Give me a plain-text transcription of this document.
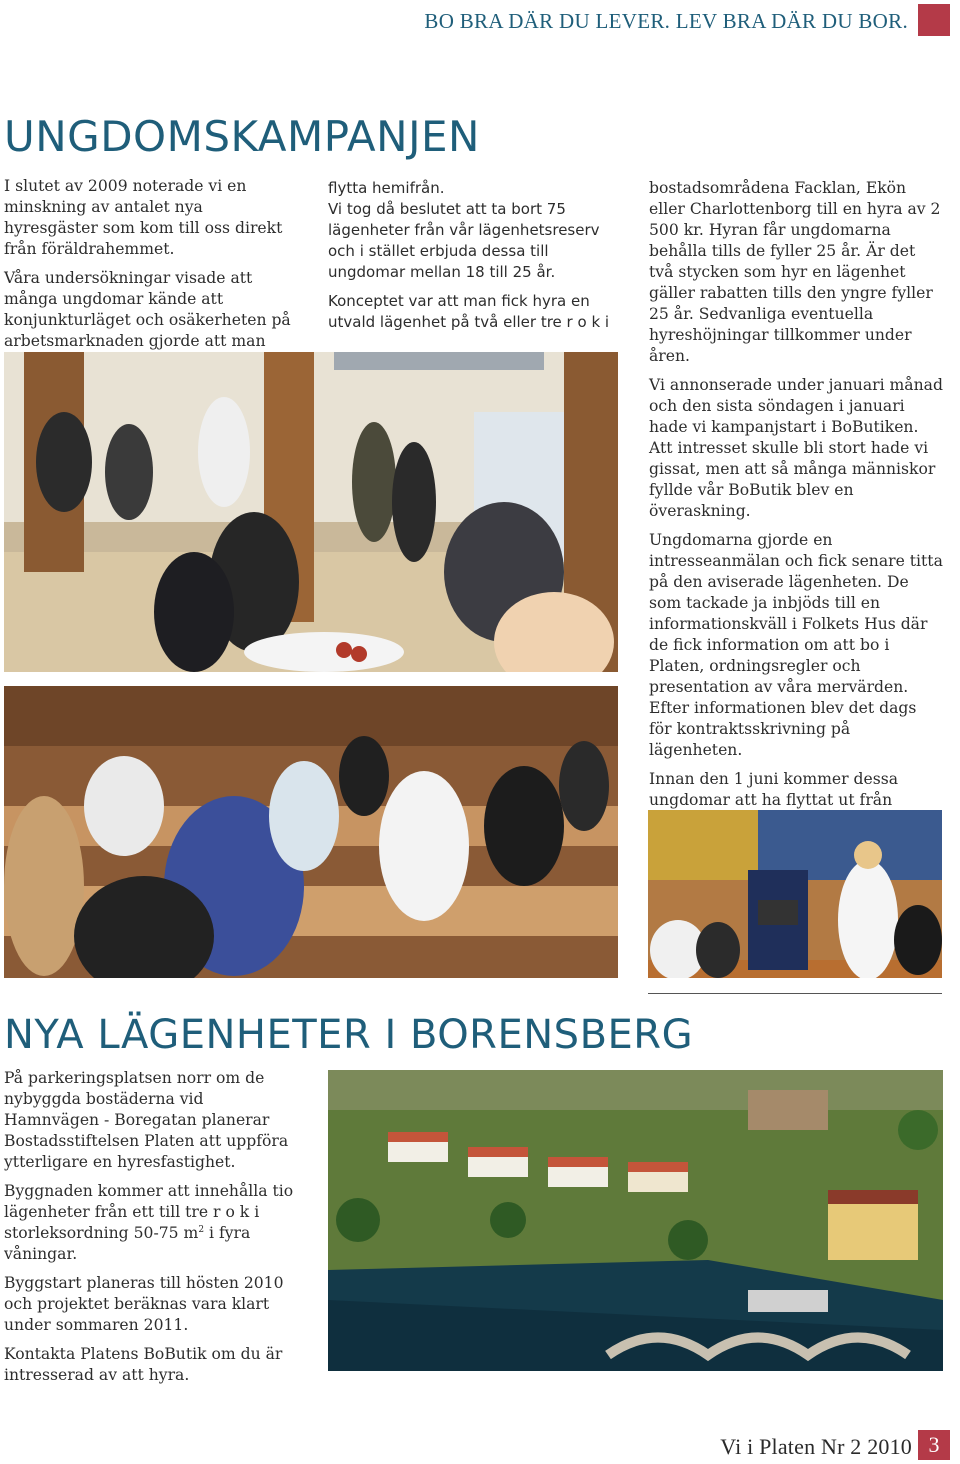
BO BRA DÄR DU LEVER. LEV BRA DÄR DU BOR.
UNGDOMSKAMPANJEN

I slutet av 2009 noterade vi en minskning av antalet nya hyresgäster som kom till oss direkt från föräldrahemmet.

Våra undersökningar visade att många ungdomar kände att konjunkturläget och osäkerheten på arbetsmarknaden gjorde att man

flytta hemifrån.

Vi tog då beslutet att ta bort 75 lägenheter från vår lägenhetsreserv och i stället erbjuda dessa till ungdomar mellan 18 till 25 år.

Konceptet var att man fick hyra en utvald lägenhet på två eller tre r o k i

bostadsområdena Facklan, Ekön eller Charlottenborg till en hyra av 2 500 kr. Hyran får ungdomarna behålla tills de fyller 25 år. Är det två stycken som hyr en lägenhet gäller rabatten tills den yngre fyller 25 år. Sedvanliga eventuella hyreshöjningar tillkommer under åren.

Vi annonserade under januari månad och den sista söndagen i januari hade vi kampanjstart i BoButiken. Att intresset skulle bli stort hade vi gissat, men att så många människor fyllde vår BoButik blev en överaskning.

Ungdomarna gjorde en intresseanmälan och fick senare titta på den aviserade lägenheten. De som tackade ja inbjöds till en informationskväll i Folkets Hus där de fick information om att bo i Platen, ordningsregler och presentation av våra mervärden. Efter informationen blev det dags för kontraktsskrivning på lägenheten.

Innan den 1 juni kommer dessa ungdomar att ha flyttat ut från

NYA LÄGENHETER I BORENSBERG

På parkeringsplatsen norr om de nybyggda bostäderna vid Hamnvägen - Boregatan planerar Bostadsstiftelsen Platen att uppföra ytterligare en hyresfastighet.

Byggnaden kommer att innehålla tio lägenheter från ett till tre r o k i storleksordning 50-75 $m^2$ i fyra våningar.

Byggstart planeras till hösten 2010 och projektet beräknas vara klart under sommaren 2011.

Kontakta Platens BoButik om du är intresserad av att hyra.

Vi i Platen Nr 2 2010 3
